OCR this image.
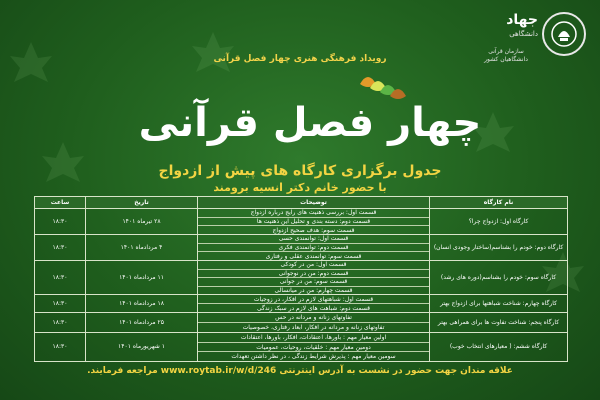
جهاد
دانشگاهی
سازمان قرآنی دانشگاهیان کشور
رویداد فرهنگی هنری چهار فصل قرآنی
چهار فصل قرآنی
جدول برگزاری کارگاه های پیش از ازدواج
با حضور خانم دکتر انسیه برومند
نام کارگاه
توضیحات
تاریخ
ساعت
کارگاه اول: ازدواج چرا؟
قسمت اول: بررسی ذهنیت های رایج درباره ازدواج
قسمت دوم: دسته بندی و تحلیل این ذهنیت ها
قسمت سوم: هدف صحیح ازدواج
۲۸ تیرماه ۱۴۰۱
۱۸:۳۰
کارگاه دوم: خودم را بشناسم(ساختار وجودی انسان)
قسمت اول: توانمندی حسی
قسمت دوم: توانمندی فکری
قسمت سوم: توانمندی عقلی و رفتاری
۴ مردادماه ۱۴۰۱
۱۸:۳۰
کارگاه سوم: خودم را بشناسم(دوره های رشد)
قسمت اول: من در کودکی
قسمت دوم: من در نوجوانی
قسمت سوم: من در جوانی
قسمت چهارم: من در میانسالی
۱۱ مردادماه ۱۴۰۱
۱۸:۳۰
کارگاه چهارم: شناخت شباهتها برای ازدواج بهتر
قسمت اول: شباهتهای لازم در افکار، در زوجیات
قسمت دوم: شباهت های لازم در سبک زندگی
۱۸ مردادماه ۱۴۰۱
۱۸:۳۰
کارگاه پنجم: شناخت تفاوت ها برای همراهی بهتر
تفاوتهای زنانه و مردانه در حس
تفاوتهای زنانه و مردانه در افکار، ابعاد رفتاری، خصوصیات
۲۵ مردادماه ۱۴۰۱
۱۸:۳۰
کارگاه ششم: ( معیارهای انتخاب خوب)
اولین معیار مهم : باورها، اعتقادات، افکار، باورها، اعتقادات
دومین معیار مهم : خلقیات، روحیات، عمومیات
سومین معیار مهم : پذیرش شرایط زندگی ، در نظر داشتن تعهدات
۱ شهریورماه ۱۴۰۱
۱۸:۳۰
علاقه مندان جهت حضور در نشست به آدرس اینترنتی www.roytab.ir/w/d/246 مراجعه فرمایند.
